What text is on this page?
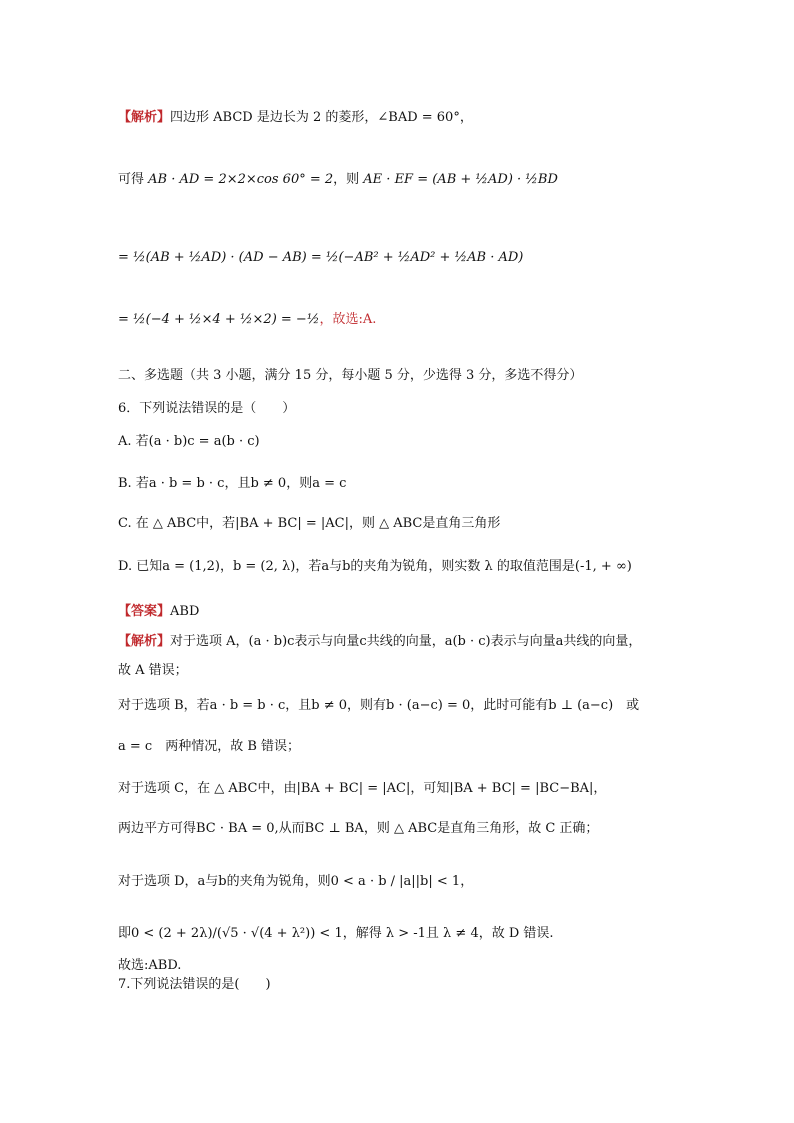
【解析】四边形 ABCD 是边长为 2 的菱形，∠BAD = 60°，
可得 AB · AD = 2×2×cos 60° = 2，则 AE · EF = (AB + ½AD) · ½BD
= ½(AB + ½AD) · (AD − AB) = ½(−AB² + ½AD² + ½AB · AD)
= ½(−4 + ½×4 + ½×2) = −½，故选:A.
二、多选题（共 3 小题，满分 15 分，每小题 5 分，少选得 3 分，多选不得分）
6．下列说法错误的是（　　）
A. 若(a · b)c = a(b · c)
B. 若a · b = b · c，且b ≠ 0，则a = c
C. 在 △ ABC中，若|BA + BC| = |AC|，则 △ ABC是直角三角形
D. 已知a = (1,2)，b = (2, λ)，若a与b的夹角为锐角，则实数 λ 的取值范围是(-1, + ∞)
【答案】ABD
【解析】对于选项 A，(a · b)c表示与向量c共线的向量，a(b · c)表示与向量a共线的向量，
故 A 错误；
对于选项 B，若a · b = b · c，且b ≠ 0，则有b · (a−c) = 0，此时可能有b ⊥ (a−c)　或
a = c　两种情况，故 B 错误；
对于选项 C，在 △ ABC中，由|BA + BC| = |AC|，可知|BA + BC| = |BC−BA|，
两边平方可得BC · BA = 0,从而BC ⊥ BA，则 △ ABC是直角三角形，故 C 正确；
对于选项 D，a与b的夹角为锐角，则0 < a · b / |a||b| < 1，
即0 < (2 + 2λ)/(√5 · √(4 + λ²)) < 1，解得 λ > -1且 λ ≠ 4，故 D 错误.
故选:ABD.
7.下列说法错误的是(　　)
